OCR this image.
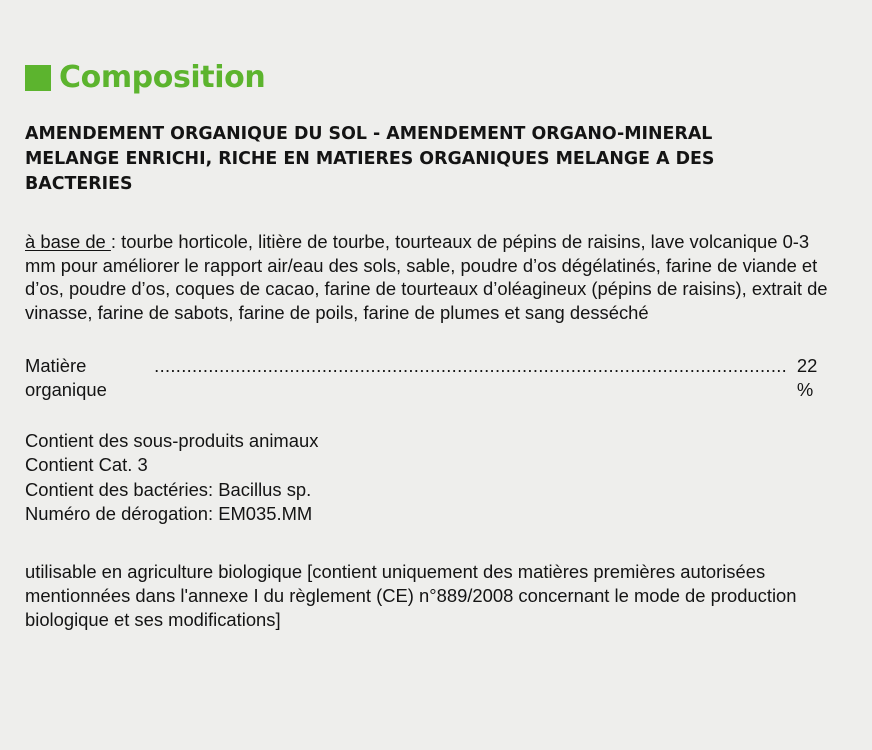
Composition

AMENDEMENT ORGANIQUE DU SOL - AMENDEMENT ORGANO-MINERAL MELANGE ENRICHI, RICHE EN MATIERES ORGANIQUES MELANGE A DES BACTERIES

à base de : tourbe horticole, litière de tourbe, tourteaux de pépins de raisins, lave volcanique 0-3 mm pour améliorer le rapport air/eau des sols, sable, poudre d’os dégélatinés, farine de viande et d’os, poudre d’os, coques de cacao, farine de tourteaux d’oléagineux (pépins de raisins), extrait de vinasse, farine de sabots, farine de poils, farine de plumes et sang desséché

Matière organique
.....
22 %
Contient des sous-produits animaux
Contient Cat. 3
Contient des bactéries: Bacillus sp.
Numéro de dérogation: EM035.MM

utilisable en agriculture biologique [contient uniquement des matières premières autorisées mentionnées dans l'annexe I du règlement (CE) n°889/2008 concernant le mode de production biologique et ses modifications]
